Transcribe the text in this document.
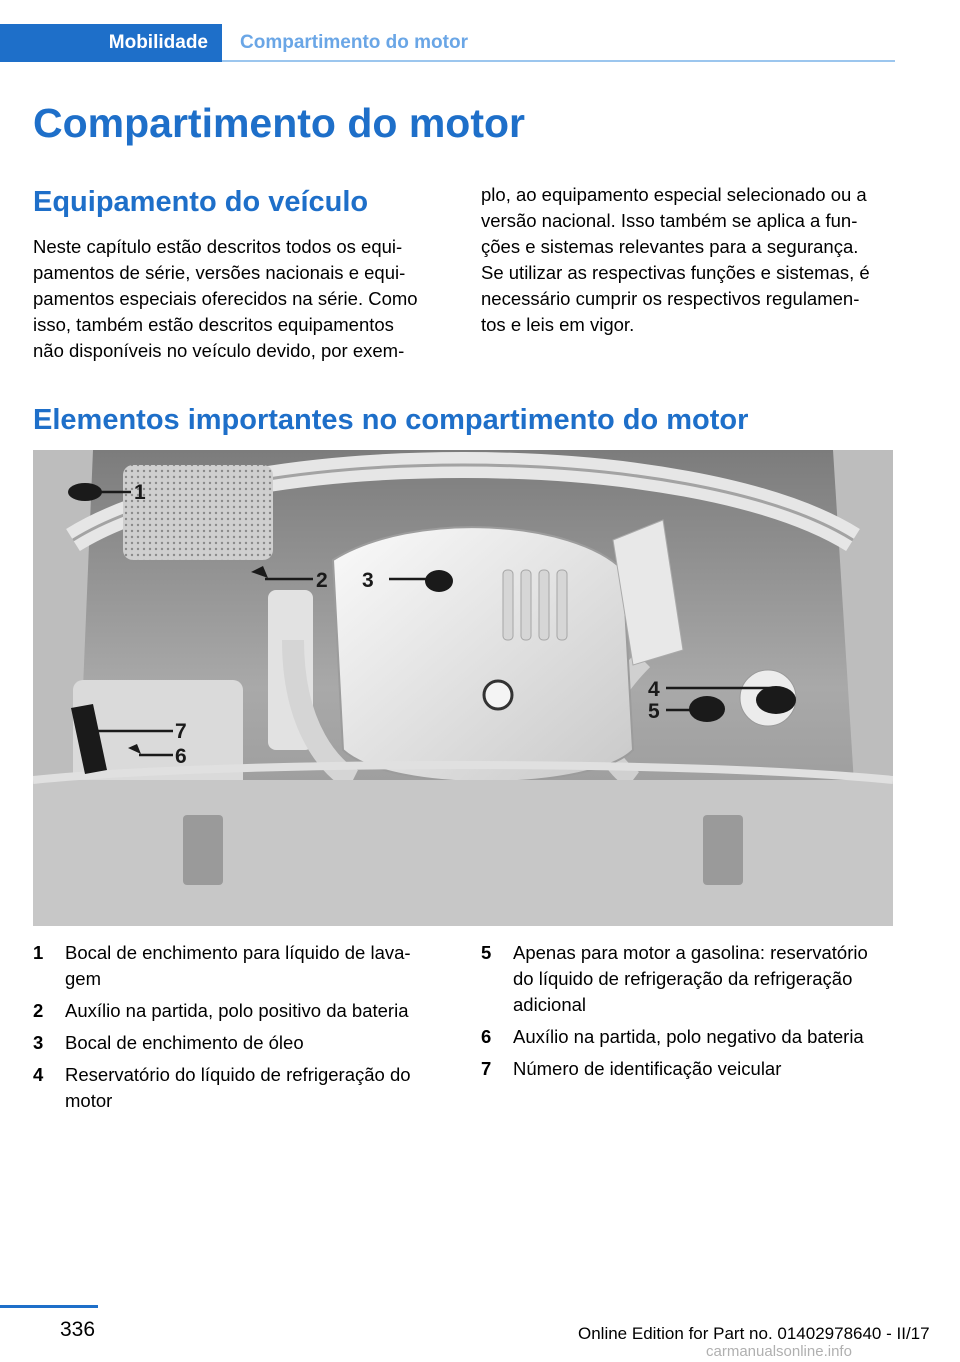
Mobilidade	Compartimento do motor
Compartimento do motor
Equipamento do veículo

Neste capítulo estão descritos todos os equi‐
pamentos de série, versões nacionais e equi‐
pamentos especiais oferecidos na série. Como
isso, também estão descritos equipamentos
não disponíveis no veículo devido, por exem‐

plo, ao equipamento especial selecionado ou a
versão nacional. Isso também se aplica a fun‐
ções e sistemas relevantes para a segurança.
Se utilizar as respectivas funções e sistemas, é
necessário cumprir os respectivos regulamen‐
tos e leis em vigor.

Elementos importantes no compartimento do motor
1
2 3
4
5
6
7
1	Bocal de enchimento para líquido de lava‐
gem
2	Auxílio na partida, polo positivo da bateria
3	Bocal de enchimento de óleo
4	Reservatório do líquido de refrigeração do
motor
5	Apenas para motor a gasolina: reservatório
do líquido de refrigeração da refrigeração
adicional
6	Auxílio na partida, polo negativo da bateria
7	Número de identificação veicular
336	Online Edition for Part no. 01402978640 - II/17
carmanualsonline.info
